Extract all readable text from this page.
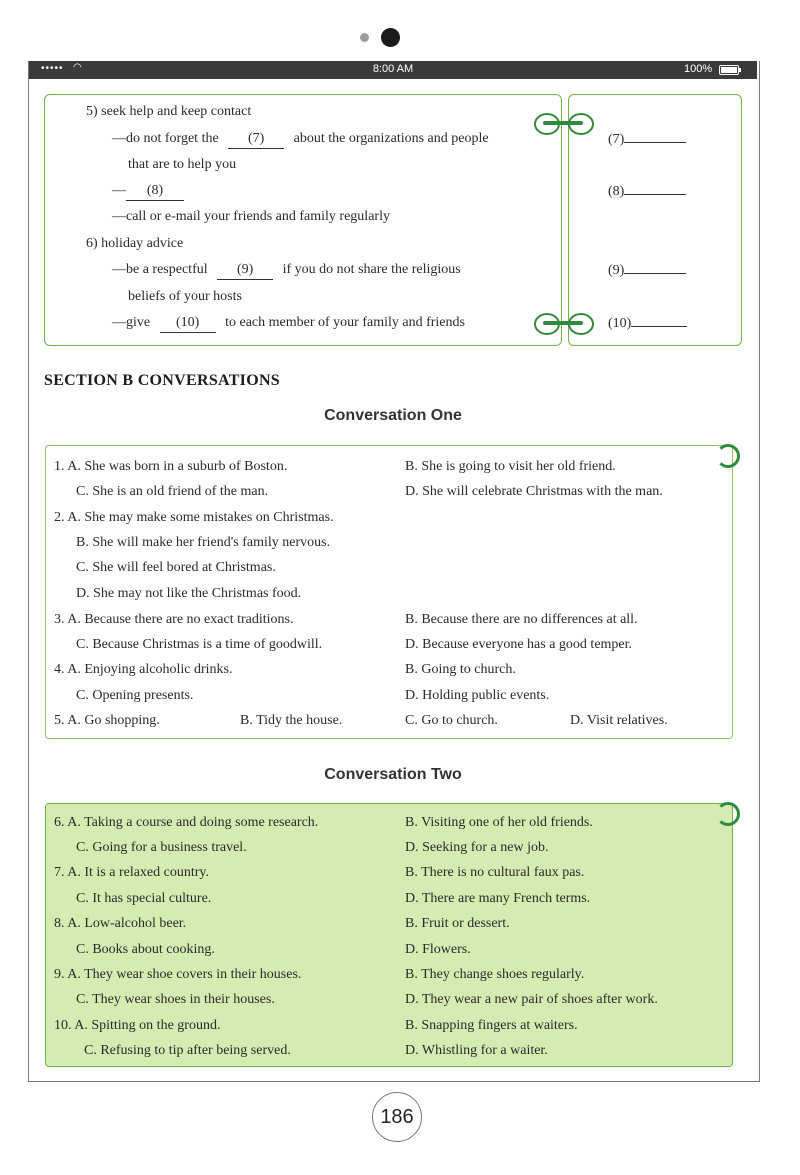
••••• ◠	8:00 AM	100%
5) seek help and keep contact
—do not forget the (7) about the organizations and people
that are to help you
— (8)
—call or e-mail your friends and family regularly
6) holiday advice
—be a respectful (9) if you do not share the religious
beliefs of your hosts
—give (10) to each member of your family and friends
(7)
(8)
(9)
(10)
SECTION B CONVERSATIONS
Conversation One
1. A. She was born in a suburb of Boston.	B. She is going to visit her old friend.
C. She is an old friend of the man.	D. She will celebrate Christmas with the man.
2. A. She may make some mistakes on Christmas.
B. She will make her friend's family nervous.
C. She will feel bored at Christmas.
D. She may not like the Christmas food.
3. A. Because there are no exact traditions.	B. Because there are no differences at all.
C. Because Christmas is a time of goodwill.	D. Because everyone has a good temper.
4. A. Enjoying alcoholic drinks.	B. Going to church.
C. Opening presents.	D. Holding public events.
5. A. Go shopping.	B. Tidy the house.	C. Go to church.	D. Visit relatives.
Conversation Two
6. A. Taking a course and doing some research.	B. Visiting one of her old friends.
C. Going for a business travel.	D. Seeking for a new job.
7. A. It is a relaxed country.	B. There is no cultural faux pas.
C. It has special culture.	D. There are many French terms.
8. A. Low-alcohol beer.	B. Fruit or dessert.
C. Books about cooking.	D. Flowers.
9. A. They wear shoe covers in their houses.	B. They change shoes regularly.
C. They wear shoes in their houses.	D. They wear a new pair of shoes after work.
10. A. Spitting on the ground.	B. Snapping fingers at waiters.
C. Refusing to tip after being served.	D. Whistling for a waiter.
186
